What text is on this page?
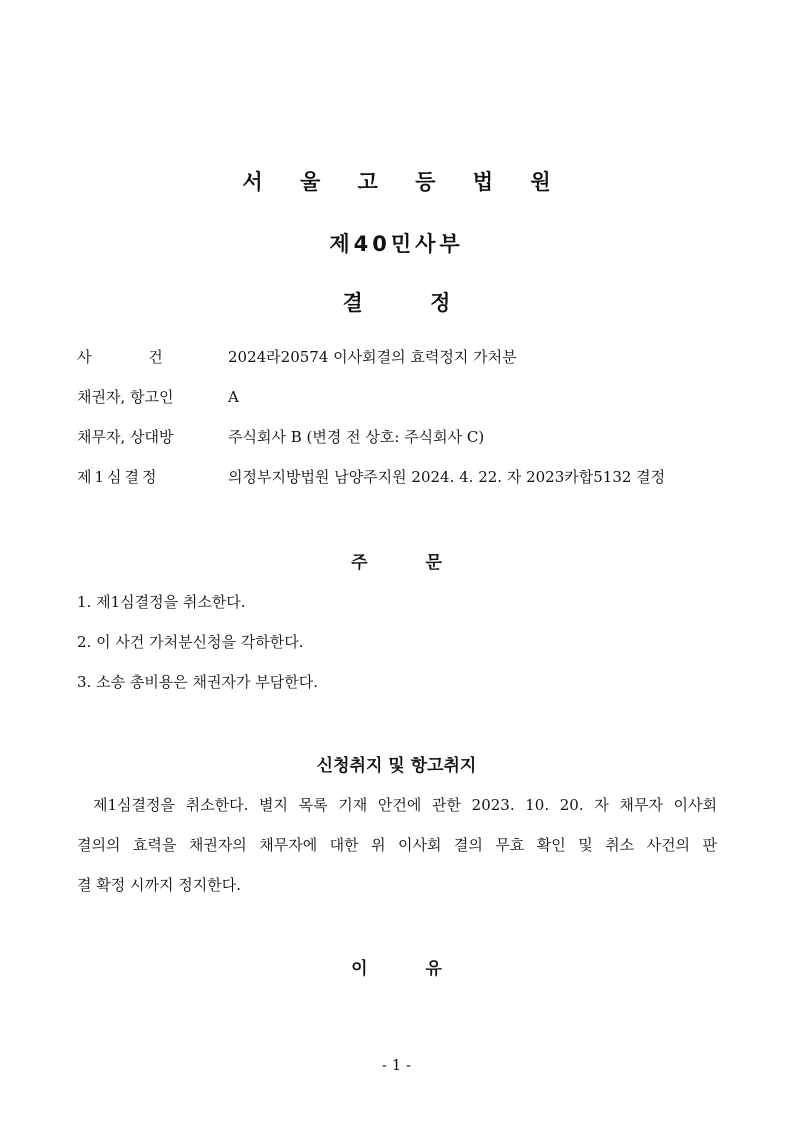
서 울 고 등 법 원
제40민사부
결 정
사 건	2024라20574 이사회결의 효력정지 가처분
채권자, 항고인	A
채무자, 상대방	주식회사 B (변경 전 상호: 주식회사 C)
제1심결정	의정부지방법원 남양주지원 2024. 4. 22. 자 2023카합5132 결정
주 문
1. 제1심결정을 취소한다.
2. 이 사건 가처분신청을 각하한다.
3. 소송 총비용은 채권자가 부담한다.
신청취지 및 항고취지
제1심결정을 취소한다. 별지 목록 기재 안건에 관한 2023. 10. 20. 자 채무자 이사회
결의의 효력을 채권자의 채무자에 대한 위 이사회 결의 무효 확인 및 취소 사건의 판
결 확정 시까지 정지한다.
이 유
- 1 -
